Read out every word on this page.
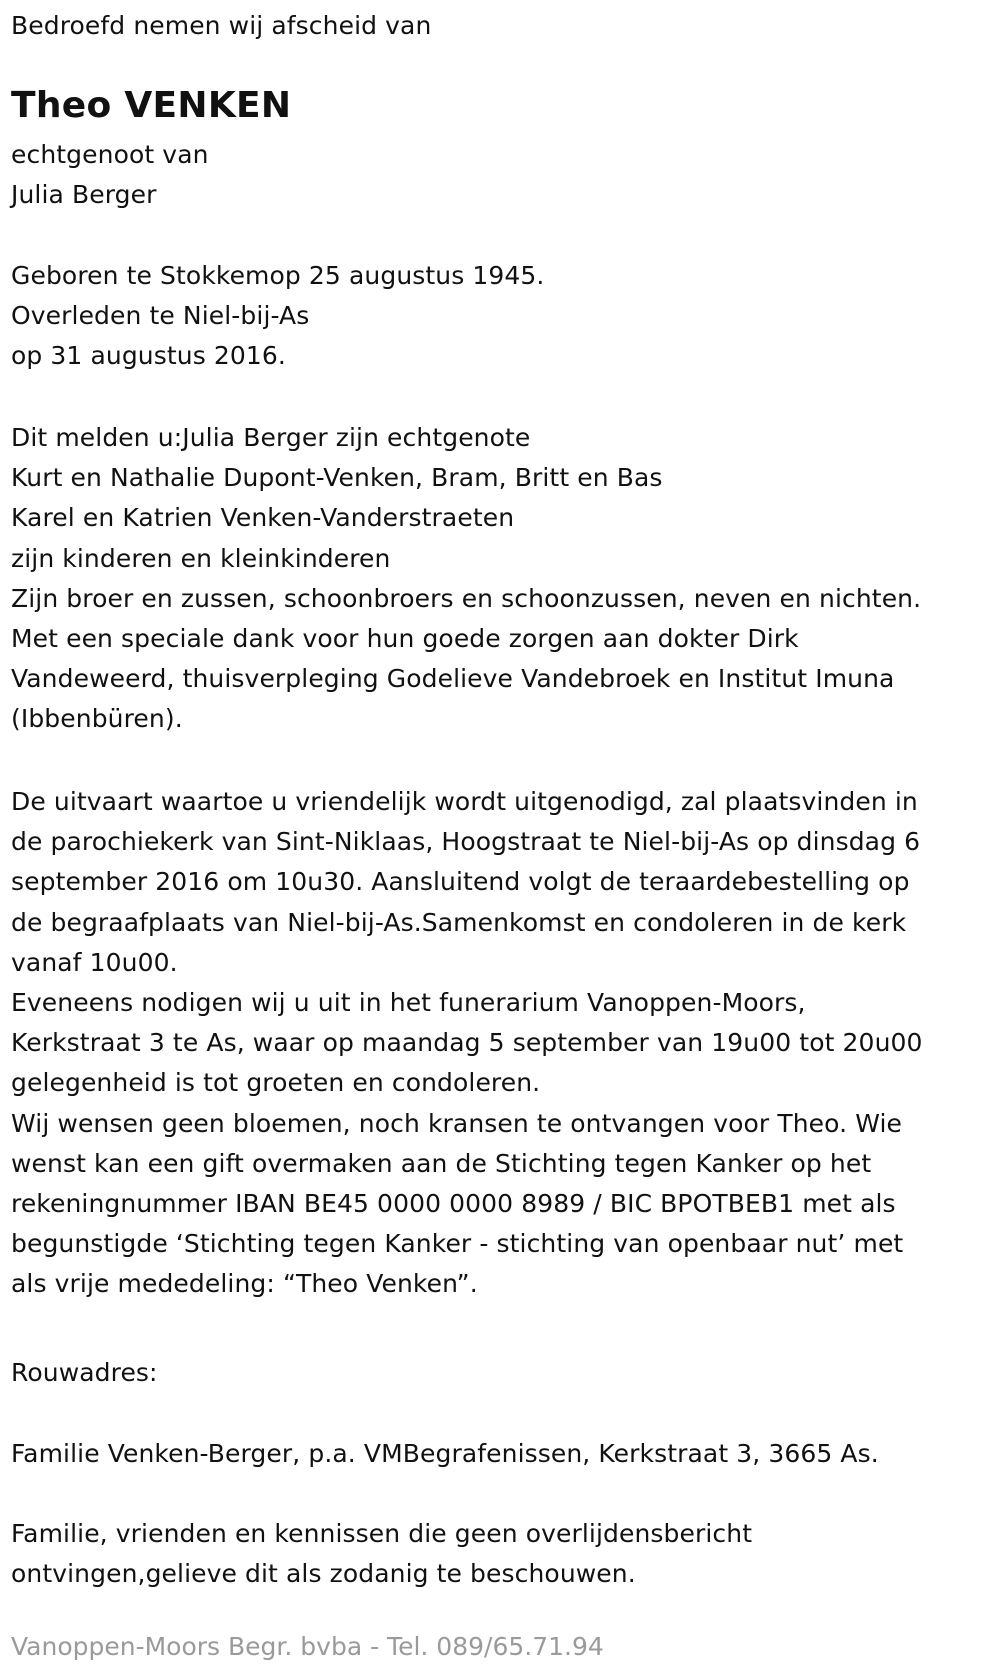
Bedroefd nemen wij afscheid van
Theo VENKEN
echtgenoot van
Julia Berger
Geboren te Stokkemop 25 augustus 1945.
Overleden te Niel-bij-As
op 31 augustus 2016.
Dit melden u:Julia Berger zijn echtgenote
Kurt en Nathalie Dupont-Venken, Bram, Britt en Bas
Karel en Katrien Venken-Vanderstraeten
zijn kinderen en kleinkinderen
Zijn broer en zussen, schoonbroers en schoonzussen, neven en nichten.
Met een speciale dank voor hun goede zorgen aan dokter Dirk
Vandeweerd, thuisverpleging Godelieve Vandebroek en Institut Imuna
(Ibbenbüren).
De uitvaart waartoe u vriendelijk wordt uitgenodigd, zal plaatsvinden in
de parochiekerk van Sint-Niklaas, Hoogstraat te Niel-bij-As op dinsdag 6
september 2016 om 10u30. Aansluitend volgt de teraardebestelling op
de begraafplaats van Niel-bij-As.Samenkomst en condoleren in de kerk
vanaf 10u00.
Eveneens nodigen wij u uit in het funerarium Vanoppen-Moors,
Kerkstraat 3 te As, waar op maandag 5 september van 19u00 tot 20u00
gelegenheid is tot groeten en condoleren.
Wij wensen geen bloemen, noch kransen te ontvangen voor Theo. Wie
wenst kan een gift overmaken aan de Stichting tegen Kanker op het
rekeningnummer IBAN BE45 0000 0000 8989 / BIC BPOTBEB1 met als
begunstigde ‘Stichting tegen Kanker - stichting van openbaar nut’ met
als vrije mededeling: “Theo Venken”.
Rouwadres:
Familie Venken-Berger, p.a. VMBegrafenissen, Kerkstraat 3, 3665 As.
Familie, vrienden en kennissen die geen overlijdensbericht
ontvingen,gelieve dit als zodanig te beschouwen.
Vanoppen-Moors Begr. bvba - Tel. 089/65.71.94
